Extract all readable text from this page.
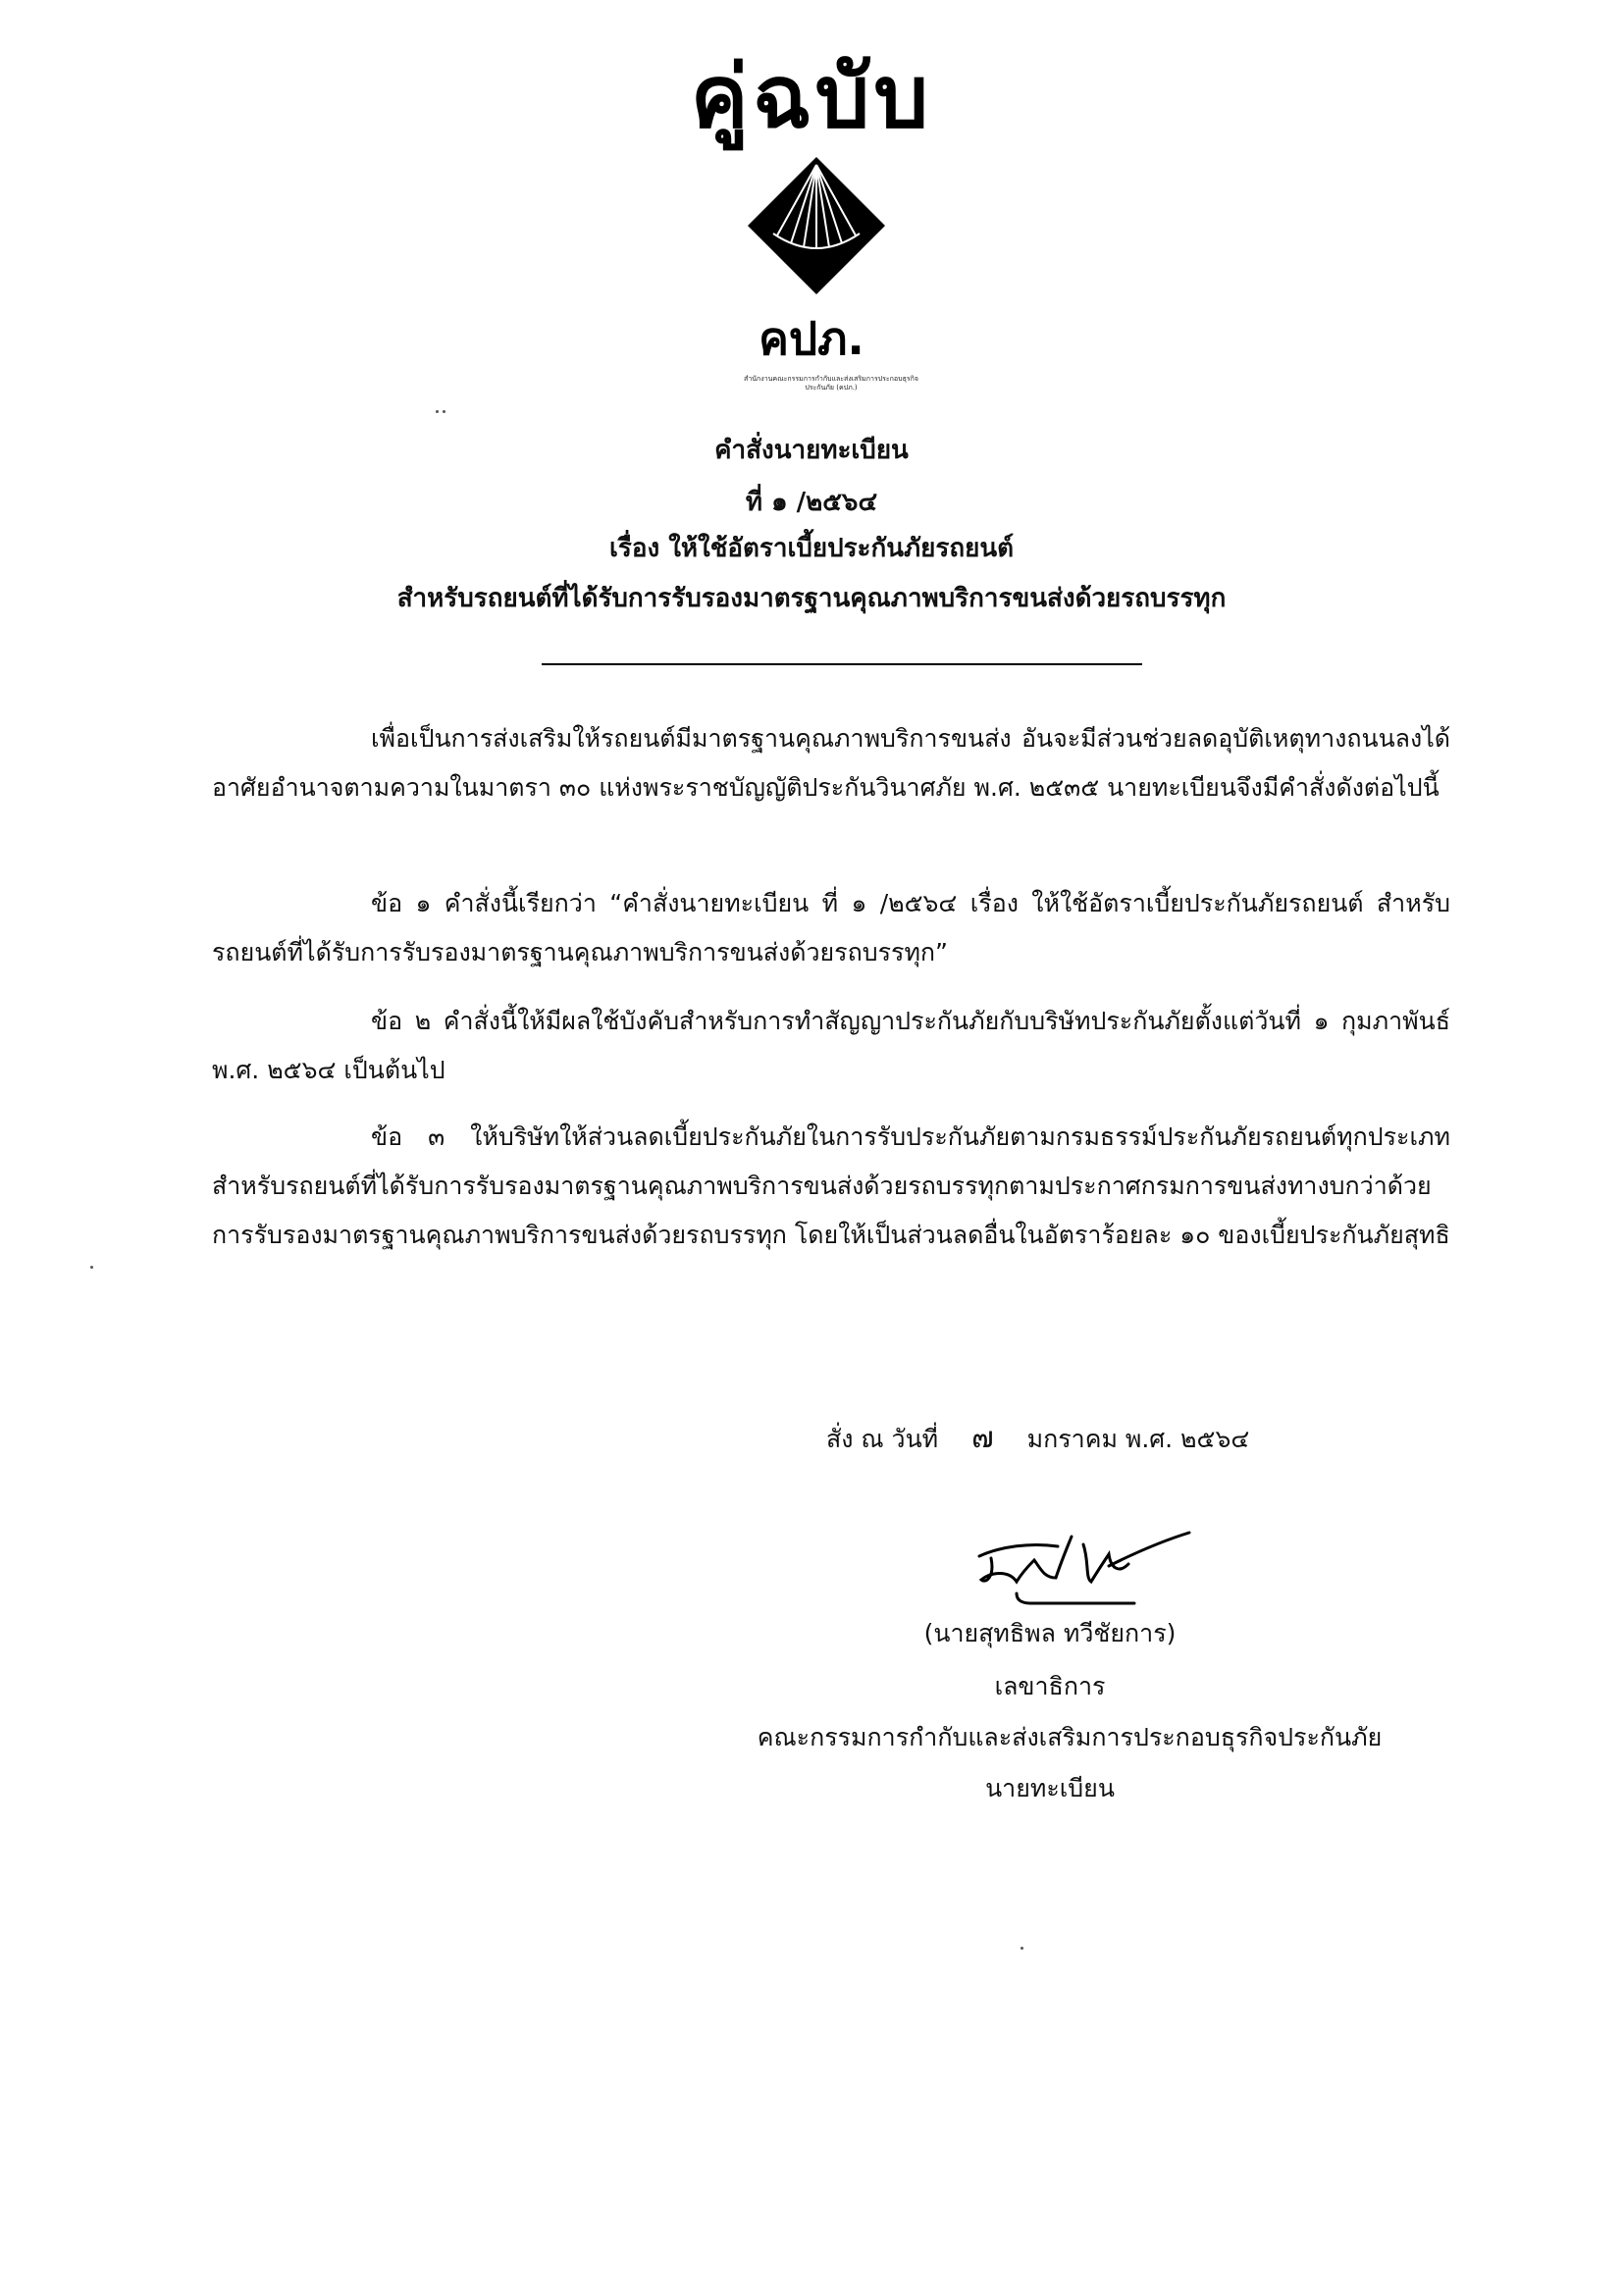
คู่ฉบับ
คปภ.
สำนักงานคณะกรรมการกำกับและส่งเสริมการประกอบธุรกิจประกันภัย (คปภ.)
คำสั่งนายทะเบียน
ที่ ๑ /๒๕๖๔
เรื่อง ให้ใช้อัตราเบี้ยประกันภัยรถยนต์
สำหรับรถยนต์ที่ได้รับการรับรองมาตรฐานคุณภาพบริการขนส่งด้วยรถบรรทุก
เพื่อเป็นการส่งเสริมให้รถยนต์มีมาตรฐานคุณภาพบริการขนส่ง อันจะมีส่วนช่วยลดอุบัติเหตุทางถนนลงได้ อาศัยอำนาจตามความในมาตรา ๓๐ แห่งพระราชบัญญัติประกันวินาศภัย พ.ศ. ๒๕๓๕ นายทะเบียนจึงมีคำสั่งดังต่อไปนี้
ข้อ ๑ คำสั่งนี้เรียกว่า “คำสั่งนายทะเบียน ที่ ๑ /๒๕๖๔ เรื่อง ให้ใช้อัตราเบี้ยประกันภัยรถยนต์ สำหรับรถยนต์ที่ได้รับการรับรองมาตรฐานคุณภาพบริการขนส่งด้วยรถบรรทุก”
ข้อ ๒ คำสั่งนี้ให้มีผลใช้บังคับสำหรับการทำสัญญาประกันภัยกับบริษัทประกันภัยตั้งแต่วันที่ ๑ กุมภาพันธ์ พ.ศ. ๒๕๖๔ เป็นต้นไป
ข้อ ๓ ให้บริษัทให้ส่วนลดเบี้ยประกันภัยในการรับประกันภัยตามกรมธรรม์ประกันภัยรถยนต์ทุกประเภท สำหรับรถยนต์ที่ได้รับการรับรองมาตรฐานคุณภาพบริการขนส่งด้วยรถบรรทุกตามประกาศกรมการขนส่งทางบกว่าด้วยการรับรองมาตรฐานคุณภาพบริการขนส่งด้วยรถบรรทุก โดยให้เป็นส่วนลดอื่นในอัตราร้อยละ ๑๐ ของเบี้ยประกันภัยสุทธิ
สั่ง ณ วันที่ ๗ มกราคม พ.ศ. ๒๕๖๔
(นายสุทธิพล ทวีชัยการ)
เลขาธิการ
คณะกรรมการกำกับและส่งเสริมการประกอบธุรกิจประกันภัย
นายทะเบียน
